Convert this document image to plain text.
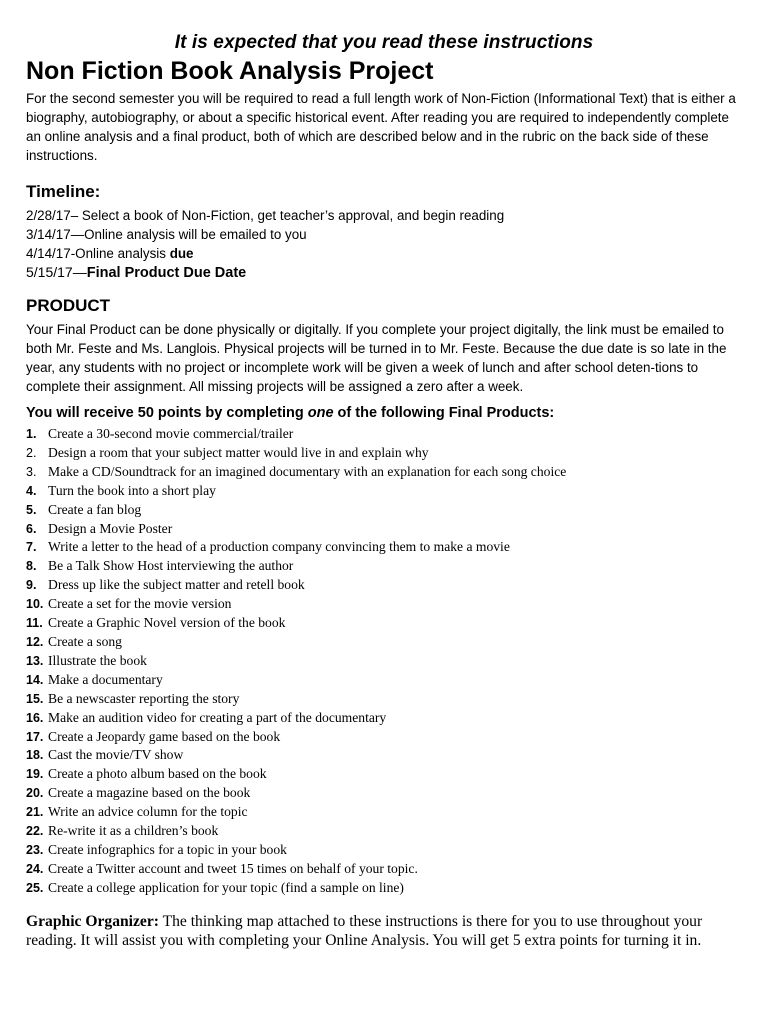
It is expected that you read these instructions
Non Fiction Book Analysis Project

For the second semester you will be required to read a full length work of Non-Fiction (Informational Text) that is either a biography, autobiography, or about a specific historical event. After reading you are required to independently complete an online analysis and a final product, both of which are described below and in the rubric on the back side of these instructions.

Timeline:
2/28/17– Select a book of Non-Fiction, get teacher’s approval, and begin reading
3/14/17—Online analysis will be emailed to you
4/14/17-Online analysis due
5/15/17—Final Product Due Date
PRODUCT

Your Final Product can be done physically or digitally. If you complete your project digitally, the link must be emailed to both Mr. Feste and Ms. Langlois. Physical projects will be turned in to Mr. Feste. Because the due date is so late in the year, any students with no project or incomplete work will be given a week of lunch and after school deten-tions to complete their assignment. All missing projects will be assigned a zero after a week.

You will receive 50 points by completing one of the following Final Products:
1. Create a 30-second movie commercial/trailer
2. Design a room that your subject matter would live in and explain why
3. Make a CD/Soundtrack for an imagined documentary with an explanation for each song choice
4. Turn the book into a short play
5. Create a fan blog
6. Design a Movie Poster
7. Write a letter to the head of a production company convincing them to make a movie
8. Be a Talk Show Host interviewing the author
9. Dress up like the subject matter and retell book
10. Create a set for the movie version
11. Create a Graphic Novel version of the book
12. Create a song
13. Illustrate the book
14. Make a documentary
15. Be a newscaster reporting the story
16. Make an audition video for creating a part of the documentary
17. Create a Jeopardy game based on the book
18. Cast the movie/TV show
19. Create a photo album based on the book
20. Create a magazine based on the book
21. Write an advice column for the topic
22. Re-write it as a children’s book
23. Create infographics for a topic in your book
24. Create a Twitter account and tweet 15 times on behalf of your topic.
25. Create a college application for your topic (find a sample on line)

Graphic Organizer: The thinking map attached to these instructions is there for you to use throughout your reading. It will assist you with completing your Online Analysis. You will get 5 extra points for turning it in.
